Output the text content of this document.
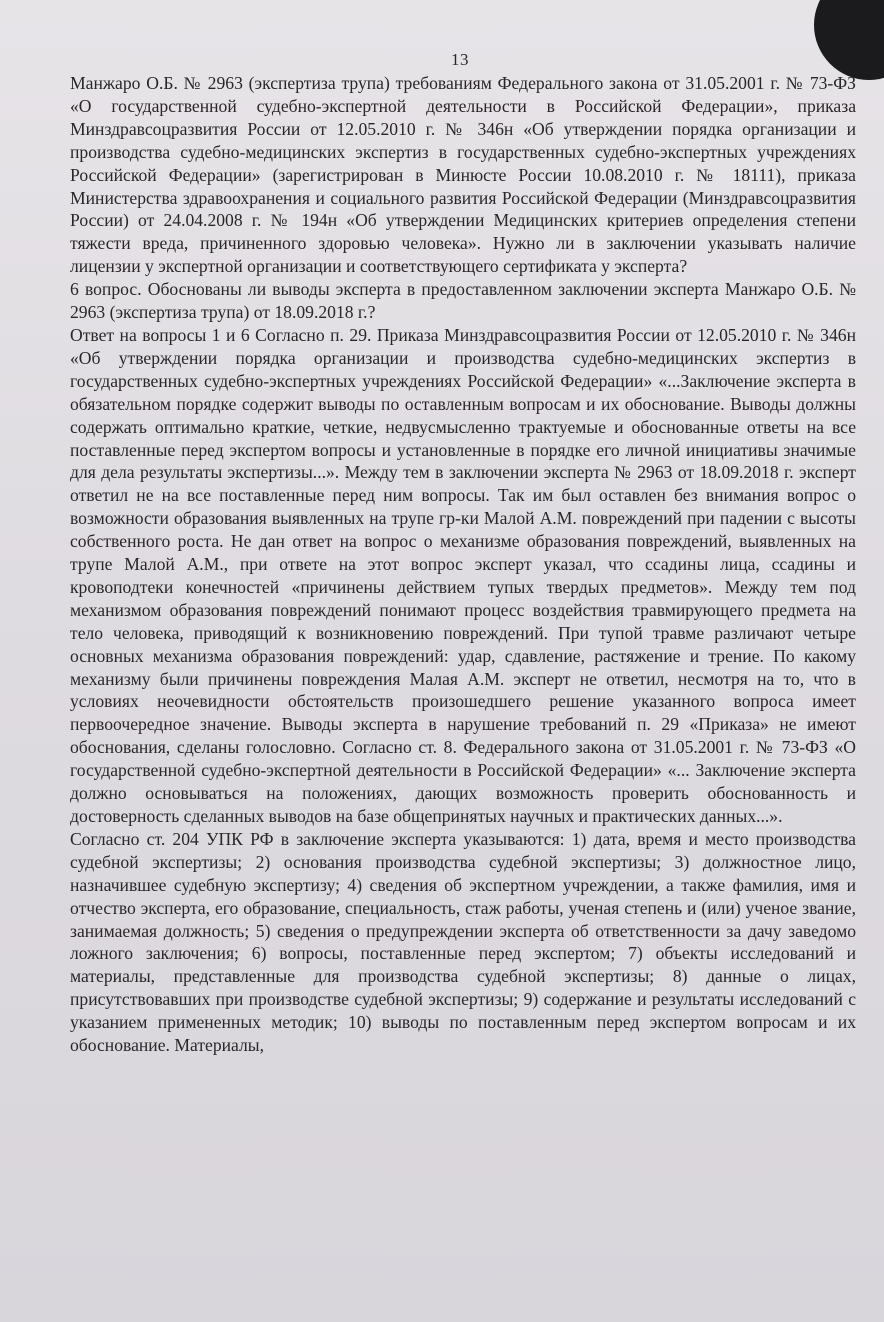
13

Манжаро О.Б. № 2963 (экспертиза трупа) требованиям Федерального закона от 31.05.2001 г. № 73-ФЗ «О государственной судебно-экспертной деятельности в Российской Федерации», приказа Минздравсоцразвития России от 12.05.2010 г. № 346н «Об утверждении порядка организации и производства судебно-медицинских экспертиз в государственных судебно-экспертных учреждениях Российской Федерации» (зарегистрирован в Минюсте России 10.08.2010 г. № 18111), приказа Министерства здравоохранения и социального развития Российской Федерации (Минздравсоцразвития России) от 24.04.2008 г. № 194н «Об утверждении Медицинских критериев определения степени тяжести вреда, причиненного здоровью человека». Нужно ли в заключении указывать наличие лицензии у экспертной организации и соответствующего сертификата у эксперта?

6 вопрос. Обоснованы ли выводы эксперта в предоставленном заключении эксперта Манжаро О.Б. № 2963 (экспертиза трупа) от 18.09.2018 г.?

Ответ на вопросы 1 и 6 Согласно п. 29. Приказа Минздравсоцразвития России от 12.05.2010 г. № 346н «Об утверждении порядка организации и производства судебно-медицинских экспертиз в государственных судебно-экспертных учреждениях Российской Федерации» «...Заключение эксперта в обязательном порядке содержит выводы по оставленным вопросам и их обоснование. Выводы должны содержать оптимально краткие, четкие, недвусмысленно трактуемые и обоснованные ответы на все поставленные перед экспертом вопросы и установленные в порядке его личной инициативы значимые для дела результаты экспертизы...». Между тем в заключении эксперта № 2963 от 18.09.2018 г. эксперт ответил не на все поставленные перед ним вопросы. Так им был оставлен без внимания вопрос о возможности образования выявленных на трупе гр-ки Малой А.М. повреждений при падении с высоты собственного роста. Не дан ответ на вопрос о механизме образования повреждений, выявленных на трупе Малой А.М., при ответе на этот вопрос эксперт указал, что ссадины лица, ссадины и кровоподтеки конечностей «причинены действием тупых твердых предметов». Между тем под механизмом образования повреждений понимают процесс воздействия травмирующего предмета на тело человека, приводящий к возникновению повреждений. При тупой травме различают четыре основных механизма образования повреждений: удар, сдавление, растяжение и трение. По какому механизму были причинены повреждения Малая А.М. эксперт не ответил, несмотря на то, что в условиях неочевидности обстоятельств произошедшего решение указанного вопроса имеет первоочередное значение. Выводы эксперта в нарушение требований п. 29 «Приказа» не имеют обоснования, сделаны голословно. Согласно ст. 8. Федерального закона от 31.05.2001 г. № 73-ФЗ «О государственной судебно-экспертной деятельности в Российской Федерации» «... Заключение эксперта должно основываться на положениях, дающих возможность проверить обоснованность и достоверность сделанных выводов на базе общепринятых научных и практических данных...».

Согласно ст. 204 УПК РФ в заключение эксперта указываются: 1) дата, время и место производства судебной экспертизы; 2) основания производства судебной экспертизы; 3) должностное лицо, назначившее судебную экспертизу; 4) сведения об экспертном учреждении, а также фамилия, имя и отчество эксперта, его образование, специальность, стаж работы, ученая степень и (или) ученое звание, занимаемая должность; 5) сведения о предупреждении эксперта об ответственности за дачу заведомо ложного заключения; 6) вопросы, поставленные перед экспертом; 7) объекты исследований и материалы, представленные для производства судебной экспертизы; 8) данные о лицах, присутствовавших при производстве судебной экспертизы; 9) содержание и результаты исследований с указанием примененных методик; 10) выводы по поставленным перед экспертом вопросам и их обоснование. Материалы,
